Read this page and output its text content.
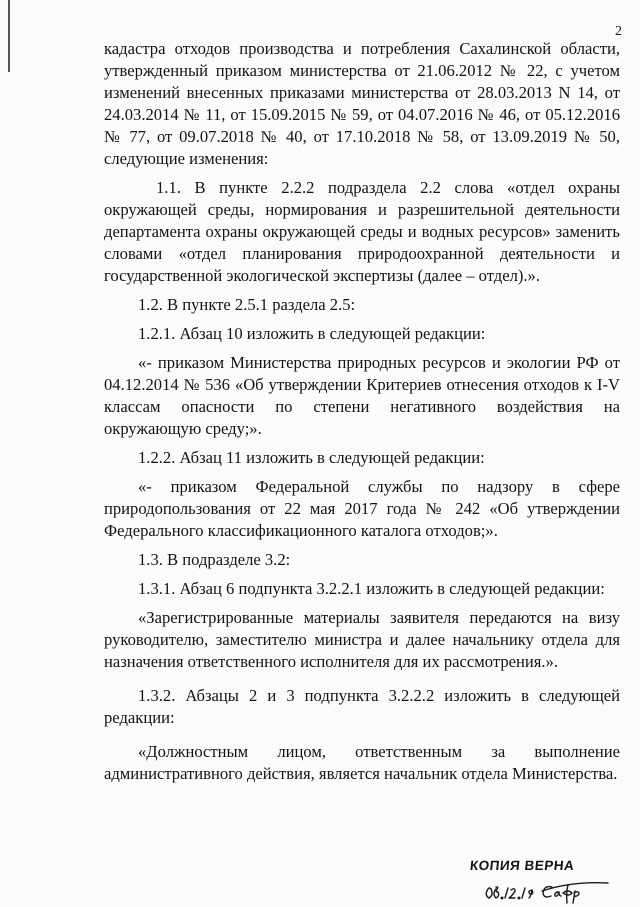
2

кадастра отходов производства и потребления Сахалинской области, утвержденный приказом министерства от 21.06.2012 № 22, с учетом изменений внесенных приказами министерства от 28.03.2013 N 14, от 24.03.2014 № 11, от 15.09.2015 № 59, от 04.07.2016 № 46, от 05.12.2016 № 77, от 09.07.2018 № 40, от 17.10.2018 № 58, от 13.09.2019 № 50, следующие изменения:

1.1. В пункте 2.2.2 подраздела 2.2 слова «отдел охраны окружающей среды, нормирования и разрешительной деятельности департамента охраны окружающей среды и водных ресурсов» заменить словами «отдел планирования природоохранной деятельности и государственной экологической экспертизы (далее – отдел).».

1.2. В пункте 2.5.1 раздела 2.5:

1.2.1. Абзац 10 изложить в следующей редакции:

«- приказом Министерства природных ресурсов и экологии РФ от 04.12.2014 № 536 «Об утверждении Критериев отнесения отходов к I-V классам опасности по степени негативного воздействия на окружающую среду;».

1.2.2. Абзац 11 изложить в следующей редакции:

«- приказом Федеральной службы по надзору в сфере природопользования от 22 мая 2017 года № 242 «Об утверждении Федерального классификационного каталога отходов;».

1.3. В подразделе 3.2:

1.3.1. Абзац 6 подпункта 3.2.2.1 изложить в следующей редакции:

«Зарегистрированные материалы заявителя передаются на визу руководителю, заместителю министра и далее начальнику отдела для назначения ответственного исполнителя для их рассмотрения.».

1.3.2. Абзацы 2 и 3 подпункта 3.2.2.2 изложить в следующей редакции:

«Должностным лицом, ответственным за выполнение административного действия, является начальник отдела Министерства.

КОПИЯ ВЕРНА
